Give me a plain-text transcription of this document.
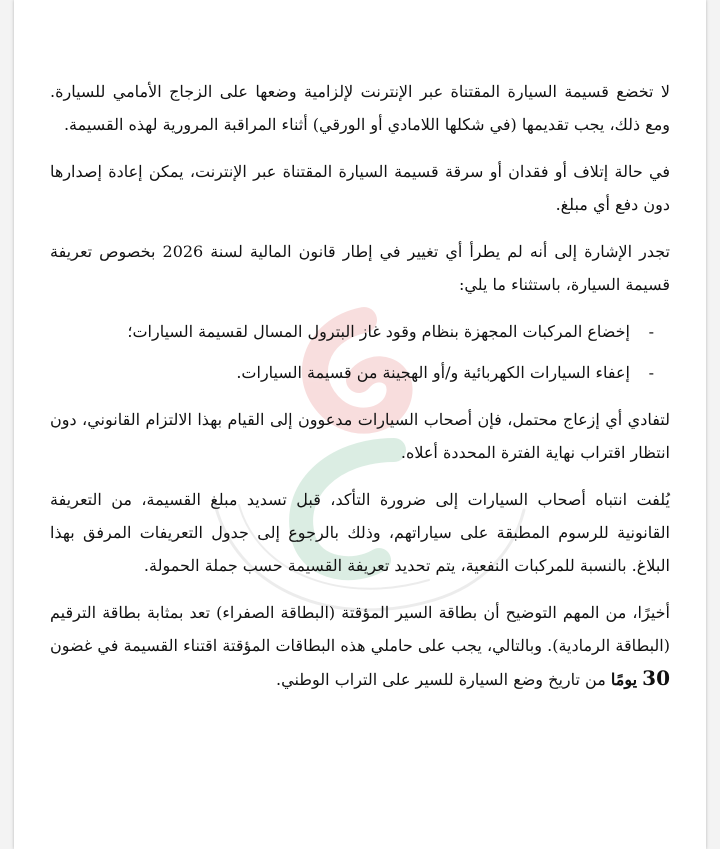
لا تخضع قسيمة السيارة المقتناة عبر الإنترنت لإلزامية وضعها على الزجاج الأمامي للسيارة. ومع ذلك، يجب تقديمها (في شكلها اللامادي أو الورقي) أثناء المراقبة المرورية لهذه القسيمة.

في حالة إتلاف أو فقدان أو سرقة قسيمة السيارة المقتناة عبر الإنترنت، يمكن إعادة إصدارها دون دفع أي مبلغ.

تجدر الإشارة إلى أنه لم يطرأ أي تغيير في إطار قانون المالية لسنة 2026 بخصوص تعريفة قسيمة السيارة، باستثناء ما يلي:

- إخضاع المركبات المجهزة بنظام وقود غاز البترول المسال لقسيمة السيارات؛
- إعفاء السيارات الكهربائية و/أو الهجينة من قسيمة السيارات.

لتفادي أي إزعاج محتمل، فإن أصحاب السيارات مدعوون إلى القيام بهذا الالتزام القانوني، دون انتظار اقتراب نهاية الفترة المحددة أعلاه.

يُلفت انتباه أصحاب السيارات إلى ضرورة التأكد، قبل تسديد مبلغ القسيمة، من التعريفة القانونية للرسوم المطبقة على سياراتهم، وذلك بالرجوع إلى جدول التعريفات المرفق بهذا البلاغ. بالنسبة للمركبات النفعية، يتم تحديد تعريفة القسيمة حسب جملة الحمولة.

أخيرًا، من المهم التوضيح أن بطاقة السير المؤقتة (البطاقة الصفراء) تعد بمثابة بطاقة الترقيم (البطاقة الرمادية). وبالتالي، يجب على حاملي هذه البطاقات المؤقتة اقتناء القسيمة في غضون 30 يومًا من تاريخ وضع السيارة للسير على التراب الوطني.
